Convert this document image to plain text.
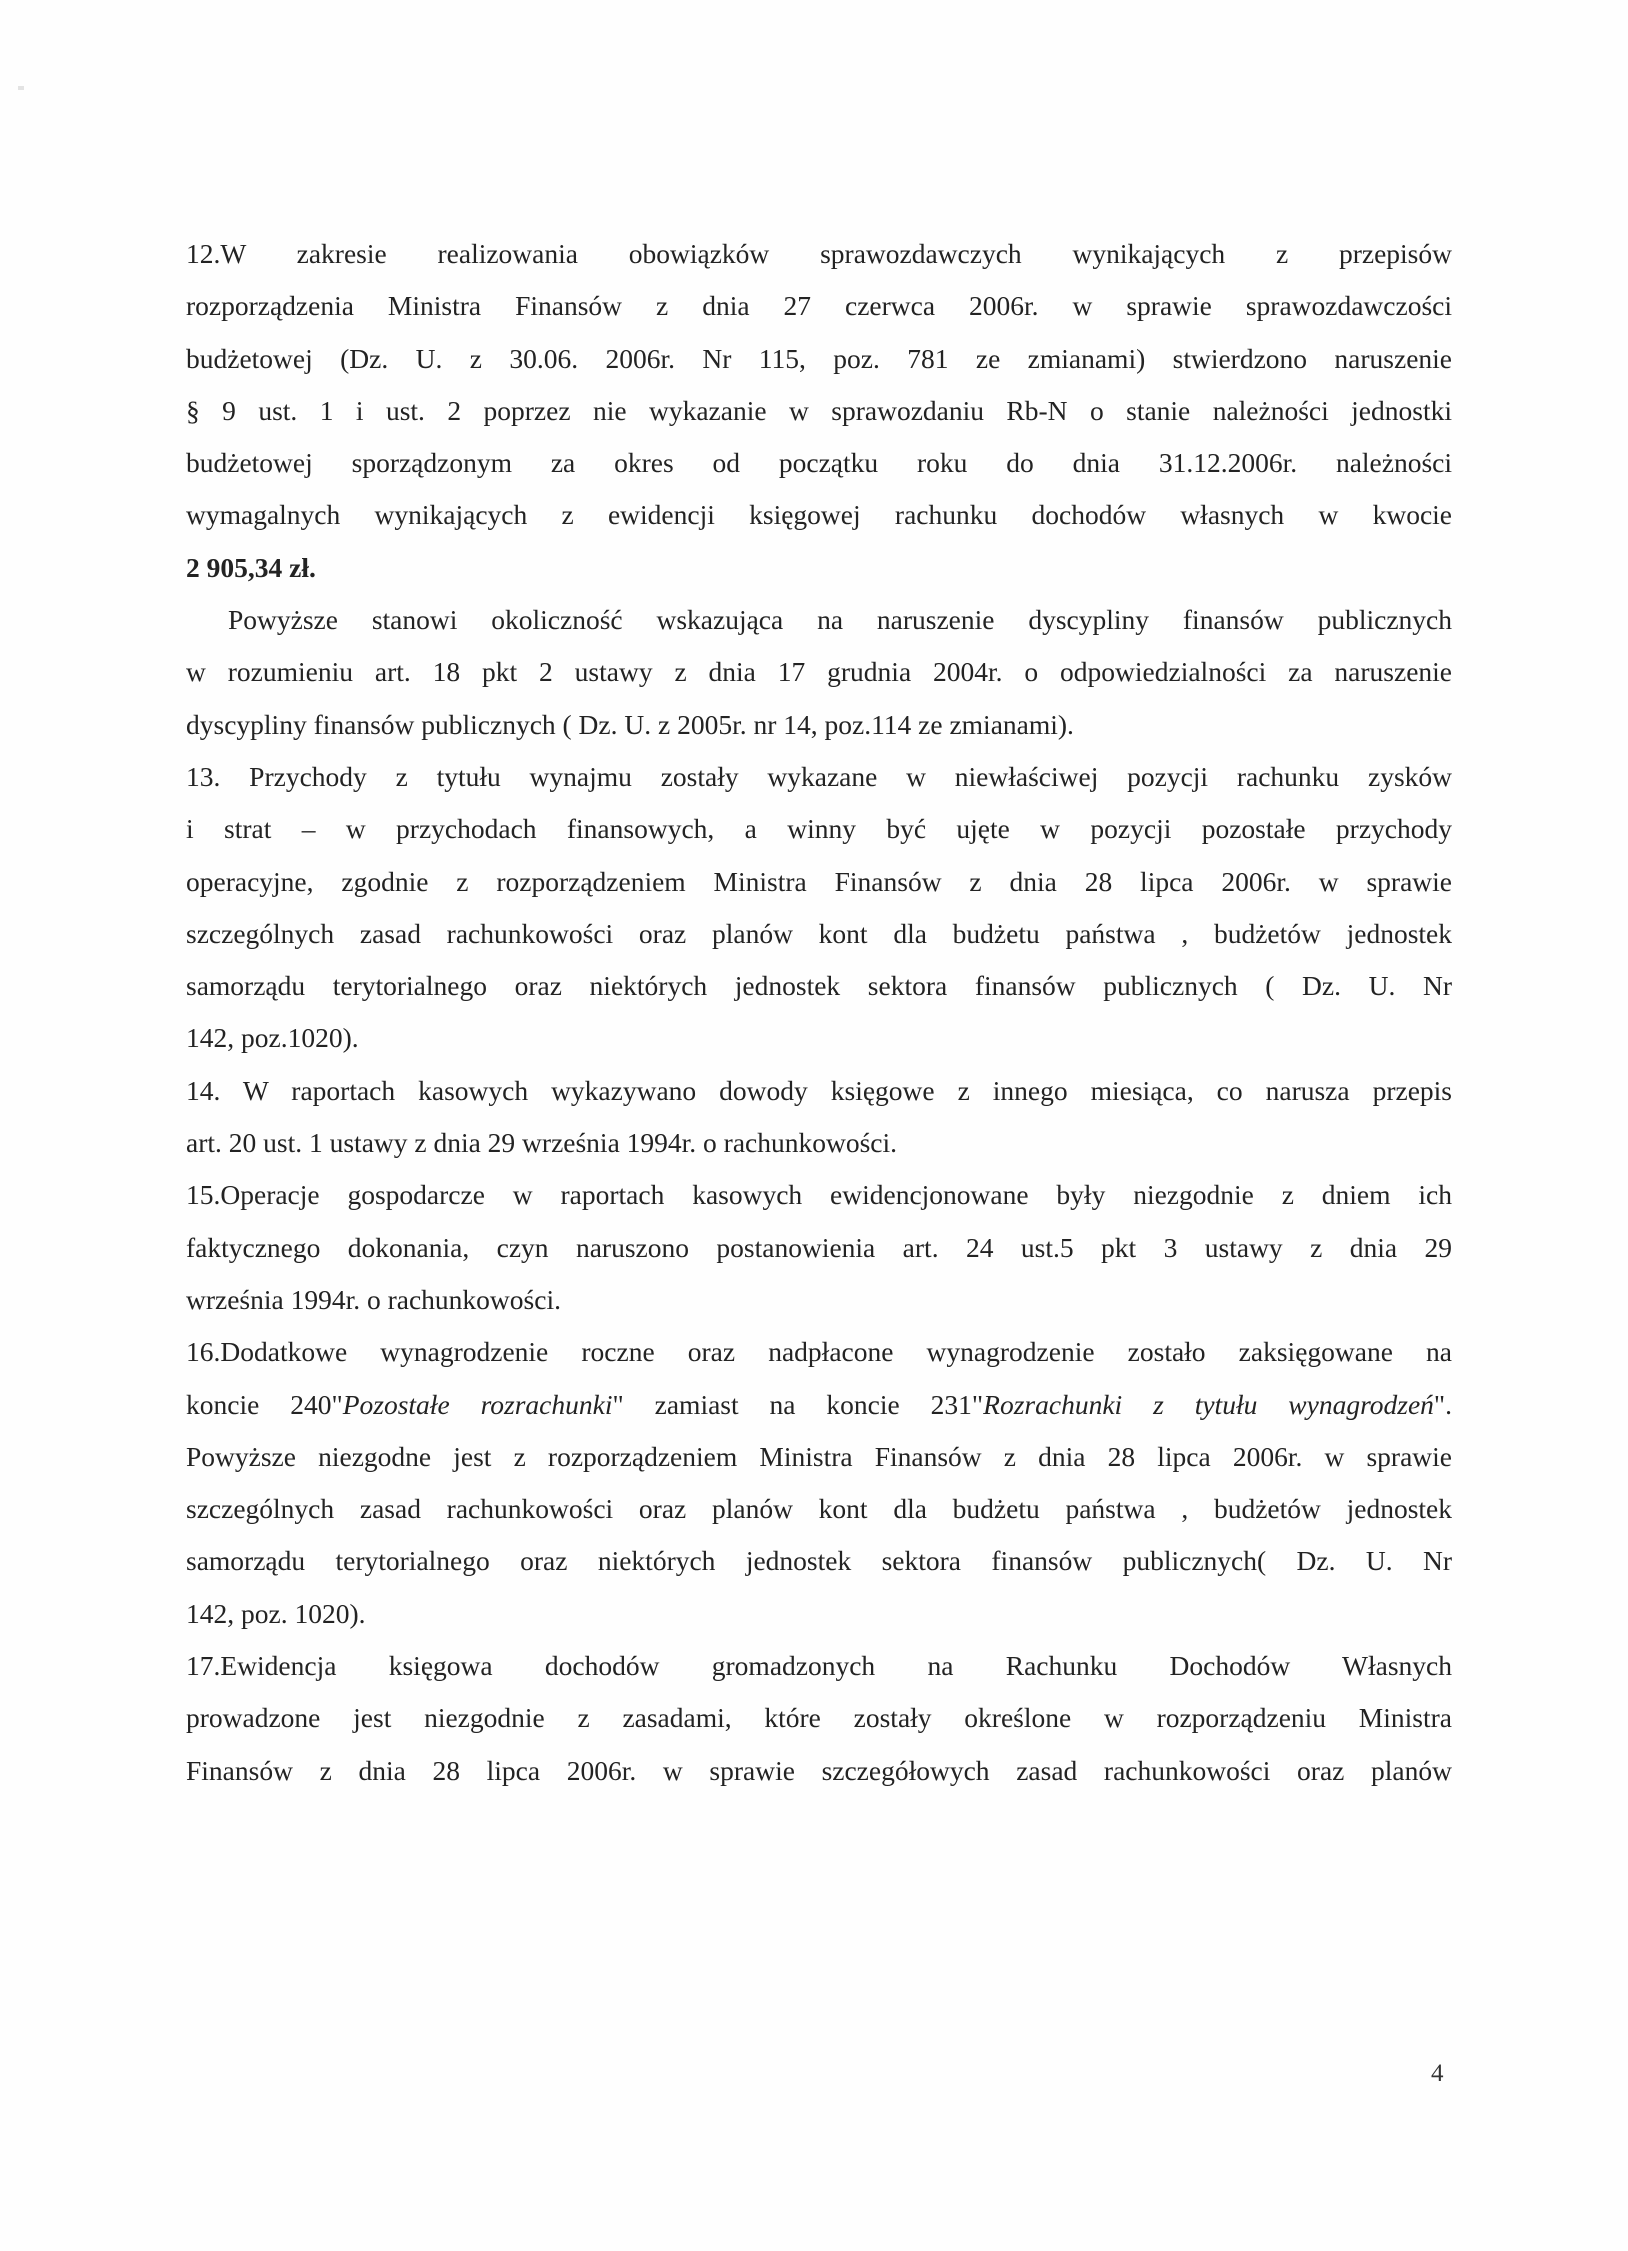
12.W zakresie realizowania obowiązków sprawozdawczych wynikających z przepisów
rozporządzenia Ministra Finansów z dnia 27 czerwca 2006r. w sprawie sprawozdawczości
budżetowej (Dz. U. z 30.06. 2006r. Nr 115, poz. 781 ze zmianami) stwierdzono naruszenie
§ 9 ust. 1 i ust. 2 poprzez nie wykazanie w sprawozdaniu Rb-N o stanie należności jednostki
budżetowej sporządzonym za okres od początku roku do dnia 31.12.2006r. należności
wymagalnych wynikających z ewidencji księgowej rachunku dochodów własnych w kwocie
2 905,34 zł.
Powyższe stanowi okoliczność wskazująca na naruszenie dyscypliny finansów publicznych
w rozumieniu art. 18 pkt 2 ustawy z dnia 17 grudnia 2004r. o odpowiedzialności za naruszenie
dyscypliny finansów publicznych ( Dz. U. z 2005r. nr 14, poz.114 ze zmianami).
13. Przychody z tytułu wynajmu zostały wykazane w niewłaściwej pozycji rachunku zysków
i strat – w przychodach finansowych, a winny być ujęte w pozycji pozostałe przychody
operacyjne, zgodnie z rozporządzeniem Ministra Finansów z dnia 28 lipca 2006r. w sprawie
szczególnych zasad rachunkowości oraz planów kont dla budżetu państwa , budżetów jednostek
samorządu terytorialnego oraz niektórych jednostek sektora finansów publicznych ( Dz. U. Nr
142, poz.1020).
14. W raportach kasowych wykazywano dowody księgowe z innego miesiąca, co narusza przepis
art. 20 ust. 1 ustawy z dnia 29 września 1994r. o rachunkowości.
15.Operacje gospodarcze w raportach kasowych ewidencjonowane były niezgodnie z dniem ich
faktycznego dokonania, czyn naruszono postanowienia art. 24 ust.5 pkt 3 ustawy z dnia 29
września 1994r. o rachunkowości.
16.Dodatkowe wynagrodzenie roczne oraz nadpłacone wynagrodzenie zostało zaksięgowane na
koncie 240"Pozostałe rozrachunki" zamiast na koncie 231"Rozrachunki z tytułu wynagrodzeń".
Powyższe niezgodne jest z rozporządzeniem Ministra Finansów z dnia 28 lipca 2006r. w sprawie
szczególnych zasad rachunkowości oraz planów kont dla budżetu państwa , budżetów jednostek
samorządu terytorialnego oraz niektórych jednostek sektora finansów publicznych( Dz. U. Nr
142, poz. 1020).
17.Ewidencja księgowa dochodów gromadzonych na Rachunku Dochodów Własnych
prowadzone jest niezgodnie z zasadami, które zostały określone w rozporządzeniu Ministra
Finansów z dnia 28 lipca 2006r. w sprawie szczegółowych zasad rachunkowości oraz planów
4
